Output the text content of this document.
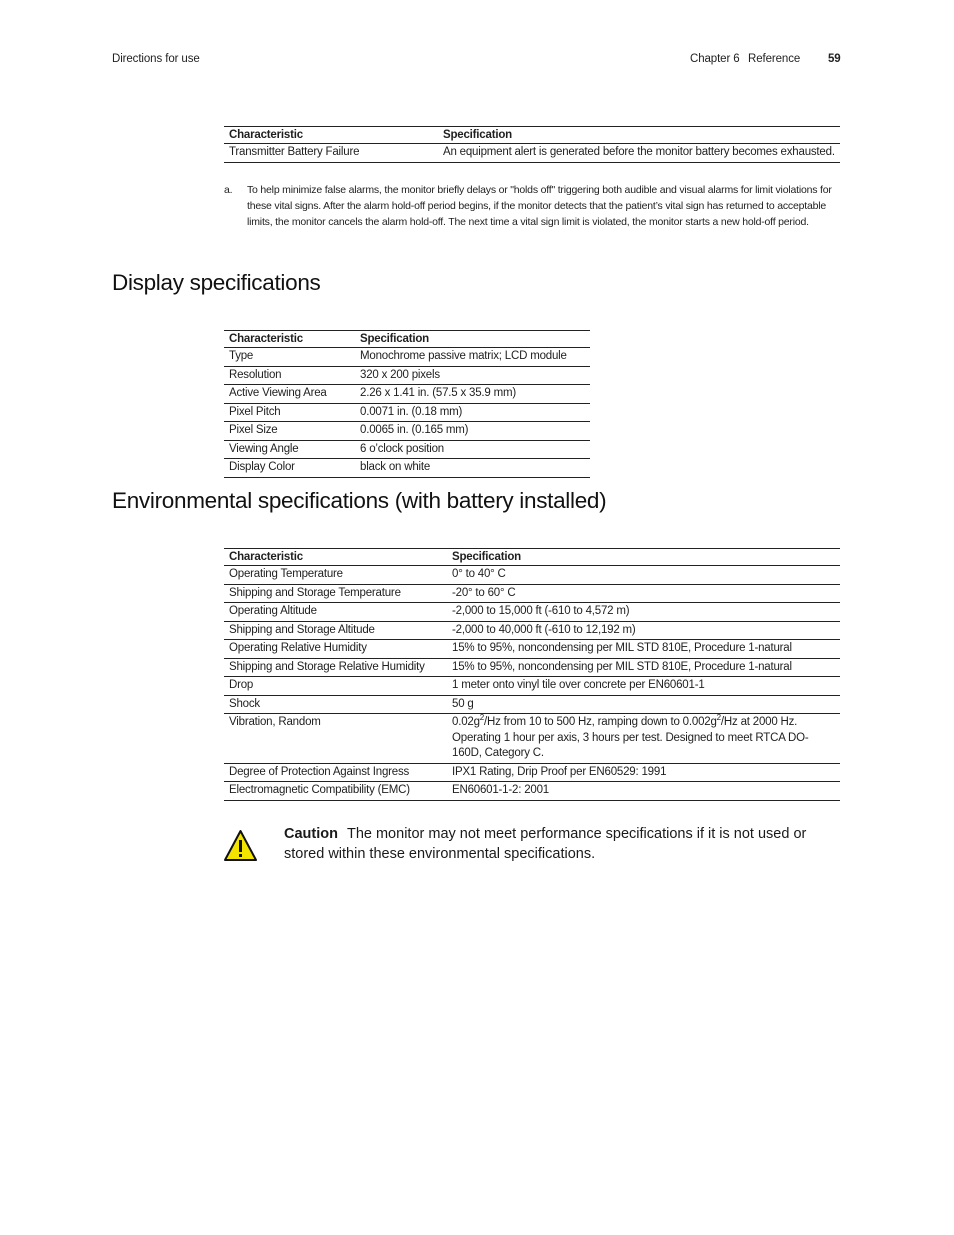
Directions for use	Chapter 6 Reference 59
Characteristic	Specification
Transmitter Battery Failure	An equipment alert is generated before the monitor battery becomes exhausted.
a. To help minimize false alarms, the monitor briefly delays or "holds off" triggering both audible and visual alarms for limit violations for these vital signs. After the alarm hold-off period begins, if the monitor detects that the patient’s vital sign has returned to acceptable limits, the monitor cancels the alarm hold-off. The next time a vital sign limit is violated, the monitor starts a new hold-off period.
Display specifications
Characteristic	Specification
Type	Monochrome passive matrix; LCD module
Resolution	320 x 200 pixels
Active Viewing Area	2.26 x 1.41 in. (57.5 x 35.9 mm)
Pixel Pitch	0.0071 in. (0.18 mm)
Pixel Size	0.0065 in. (0.165 mm)
Viewing Angle	6 o’clock position
Display Color	black on white
Environmental specifications (with battery installed)
Characteristic	Specification
Operating Temperature	0° to 40° C
Shipping and Storage Temperature	-20° to 60° C
Operating Altitude	-2,000 to 15,000 ft (-610 to 4,572 m)
Shipping and Storage Altitude	-2,000 to 40,000 ft (-610 to 12,192 m)
Operating Relative Humidity	15% to 95%, noncondensing per MIL STD 810E, Procedure 1-natural
Shipping and Storage Relative Humidity	15% to 95%, noncondensing per MIL STD 810E, Procedure 1-natural
Drop	1 meter onto vinyl tile over concrete per EN60601-1
Shock	50 g
Vibration, Random	$0.02g^2/Hz$ from 10 to 500 Hz, ramping down to $0.002g^2/Hz$ at 2000 Hz. Operating 1 hour per axis, 3 hours per test. Designed to meet RTCA DO-160D, Category C.
Degree of Protection Against Ingress	IPX1 Rating, Drip Proof per EN60529: 1991
Electromagnetic Compatibility (EMC)	EN60601-1-2: 2001
Caution The monitor may not meet performance specifications if it is not used or stored within these environmental specifications.
